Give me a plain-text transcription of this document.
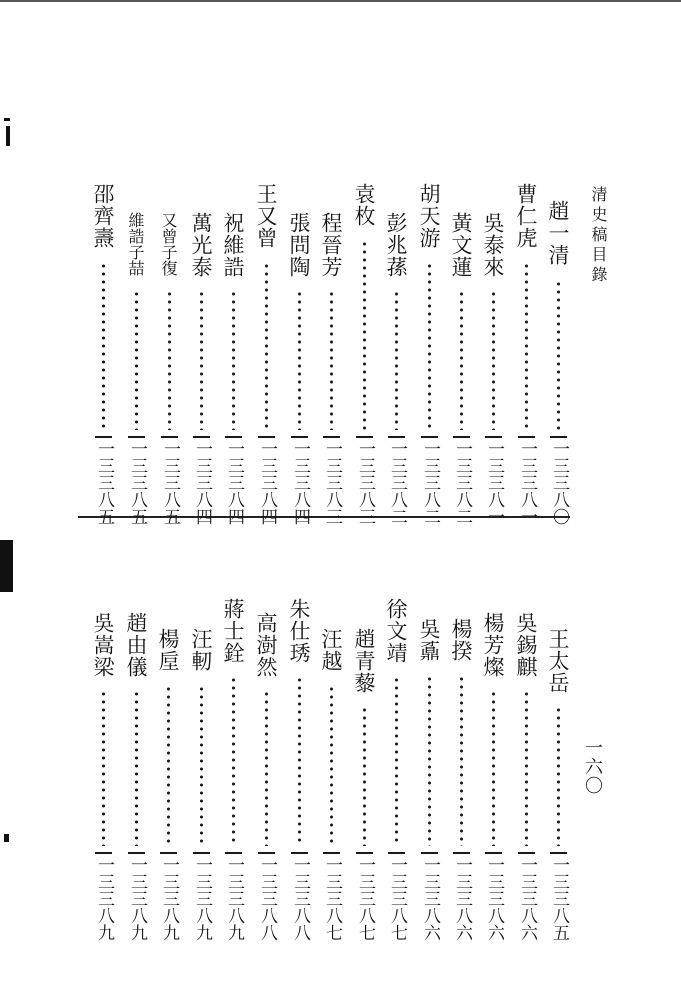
清史稿目錄
一六〇
趙一清
一三三八〇
曹仁虎
一三三八一
吳泰來
一三三八一
黃文蓮
一三三八二
胡天游
一三三八二
彭兆蓀
一三三八二
袁枚
一三三八三
程晉芳
一三三八三
張問陶
一三三八四
王又曾
一三三八四
祝維誥
一三三八四
萬光泰
一三三八四
又曾子復
一三三八五
維誥子喆
一三三八五
邵齊燾
一三三八五
王太岳
一三三八五
吳錫麒
一三三八六
楊芳燦
一三三八六
楊揆
一三三八六
吳鼒
一三三八六
徐文靖
一三三八七
趙青藜
一三三八七
汪越
一三三八七
朱仕琇
一三三八八
高澍然
一三三八八
蔣士銓
一三三八九
汪軔
一三三八九
楊垕
一三三八九
趙由儀
一三三八九
吳嵩梁
一三三八九
